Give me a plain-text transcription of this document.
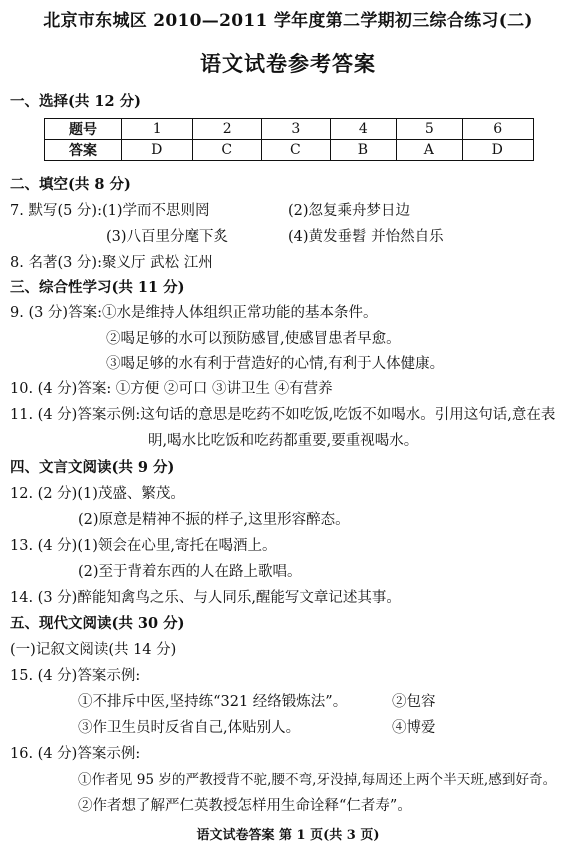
北京市东城区 2010—2011 学年度第二学期初三综合练习(二)
语文试卷参考答案
一、选择(共 12 分)
题号	1	2	3	4	5	6
答案	D	C	C	B	A	D
二、填空(共 8 分)
7. 默写(5 分):(1)学而不思则罔	(2)忽复乘舟梦日边
(3)八百里分麾下炙	(4)黄发垂髫 并怡然自乐
8. 名著(3 分):聚义厅 武松 江州
三、综合性学习(共 11 分)
9. (3 分)答案:①水是维持人体组织正常功能的基本条件。
②喝足够的水可以预防感冒,使感冒患者早愈。
③喝足够的水有利于营造好的心情,有利于人体健康。
10. (4 分)答案: ①方便 ②可口 ③讲卫生 ④有营养
11. (4 分)答案示例:这句话的意思是吃药不如吃饭,吃饭不如喝水。引用这句话,意在表
明,喝水比吃饭和吃药都重要,要重视喝水。
四、文言文阅读(共 9 分)
12. (2 分)(1)茂盛、繁茂。
(2)原意是精神不振的样子,这里形容醉态。
13. (4 分)(1)领会在心里,寄托在喝酒上。
(2)至于背着东西的人在路上歌唱。
14. (3 分)醉能知禽鸟之乐、与人同乐,醒能写文章记述其事。
五、现代文阅读(共 30 分)
(一)记叙文阅读(共 14 分)
15. (4 分)答案示例:
①不排斥中医,坚持练“321 经络锻炼法”。	②包容
③作卫生员时反省自己,体贴别人。	④博爱
16. (4 分)答案示例:
①作者见 95 岁的严教授背不驼,腰不弯,牙没掉,每周还上两个半天班,感到好奇。
②作者想了解严仁英教授怎样用生命诠释“仁者寿”。
语文试卷答案 第 1 页(共 3 页)
